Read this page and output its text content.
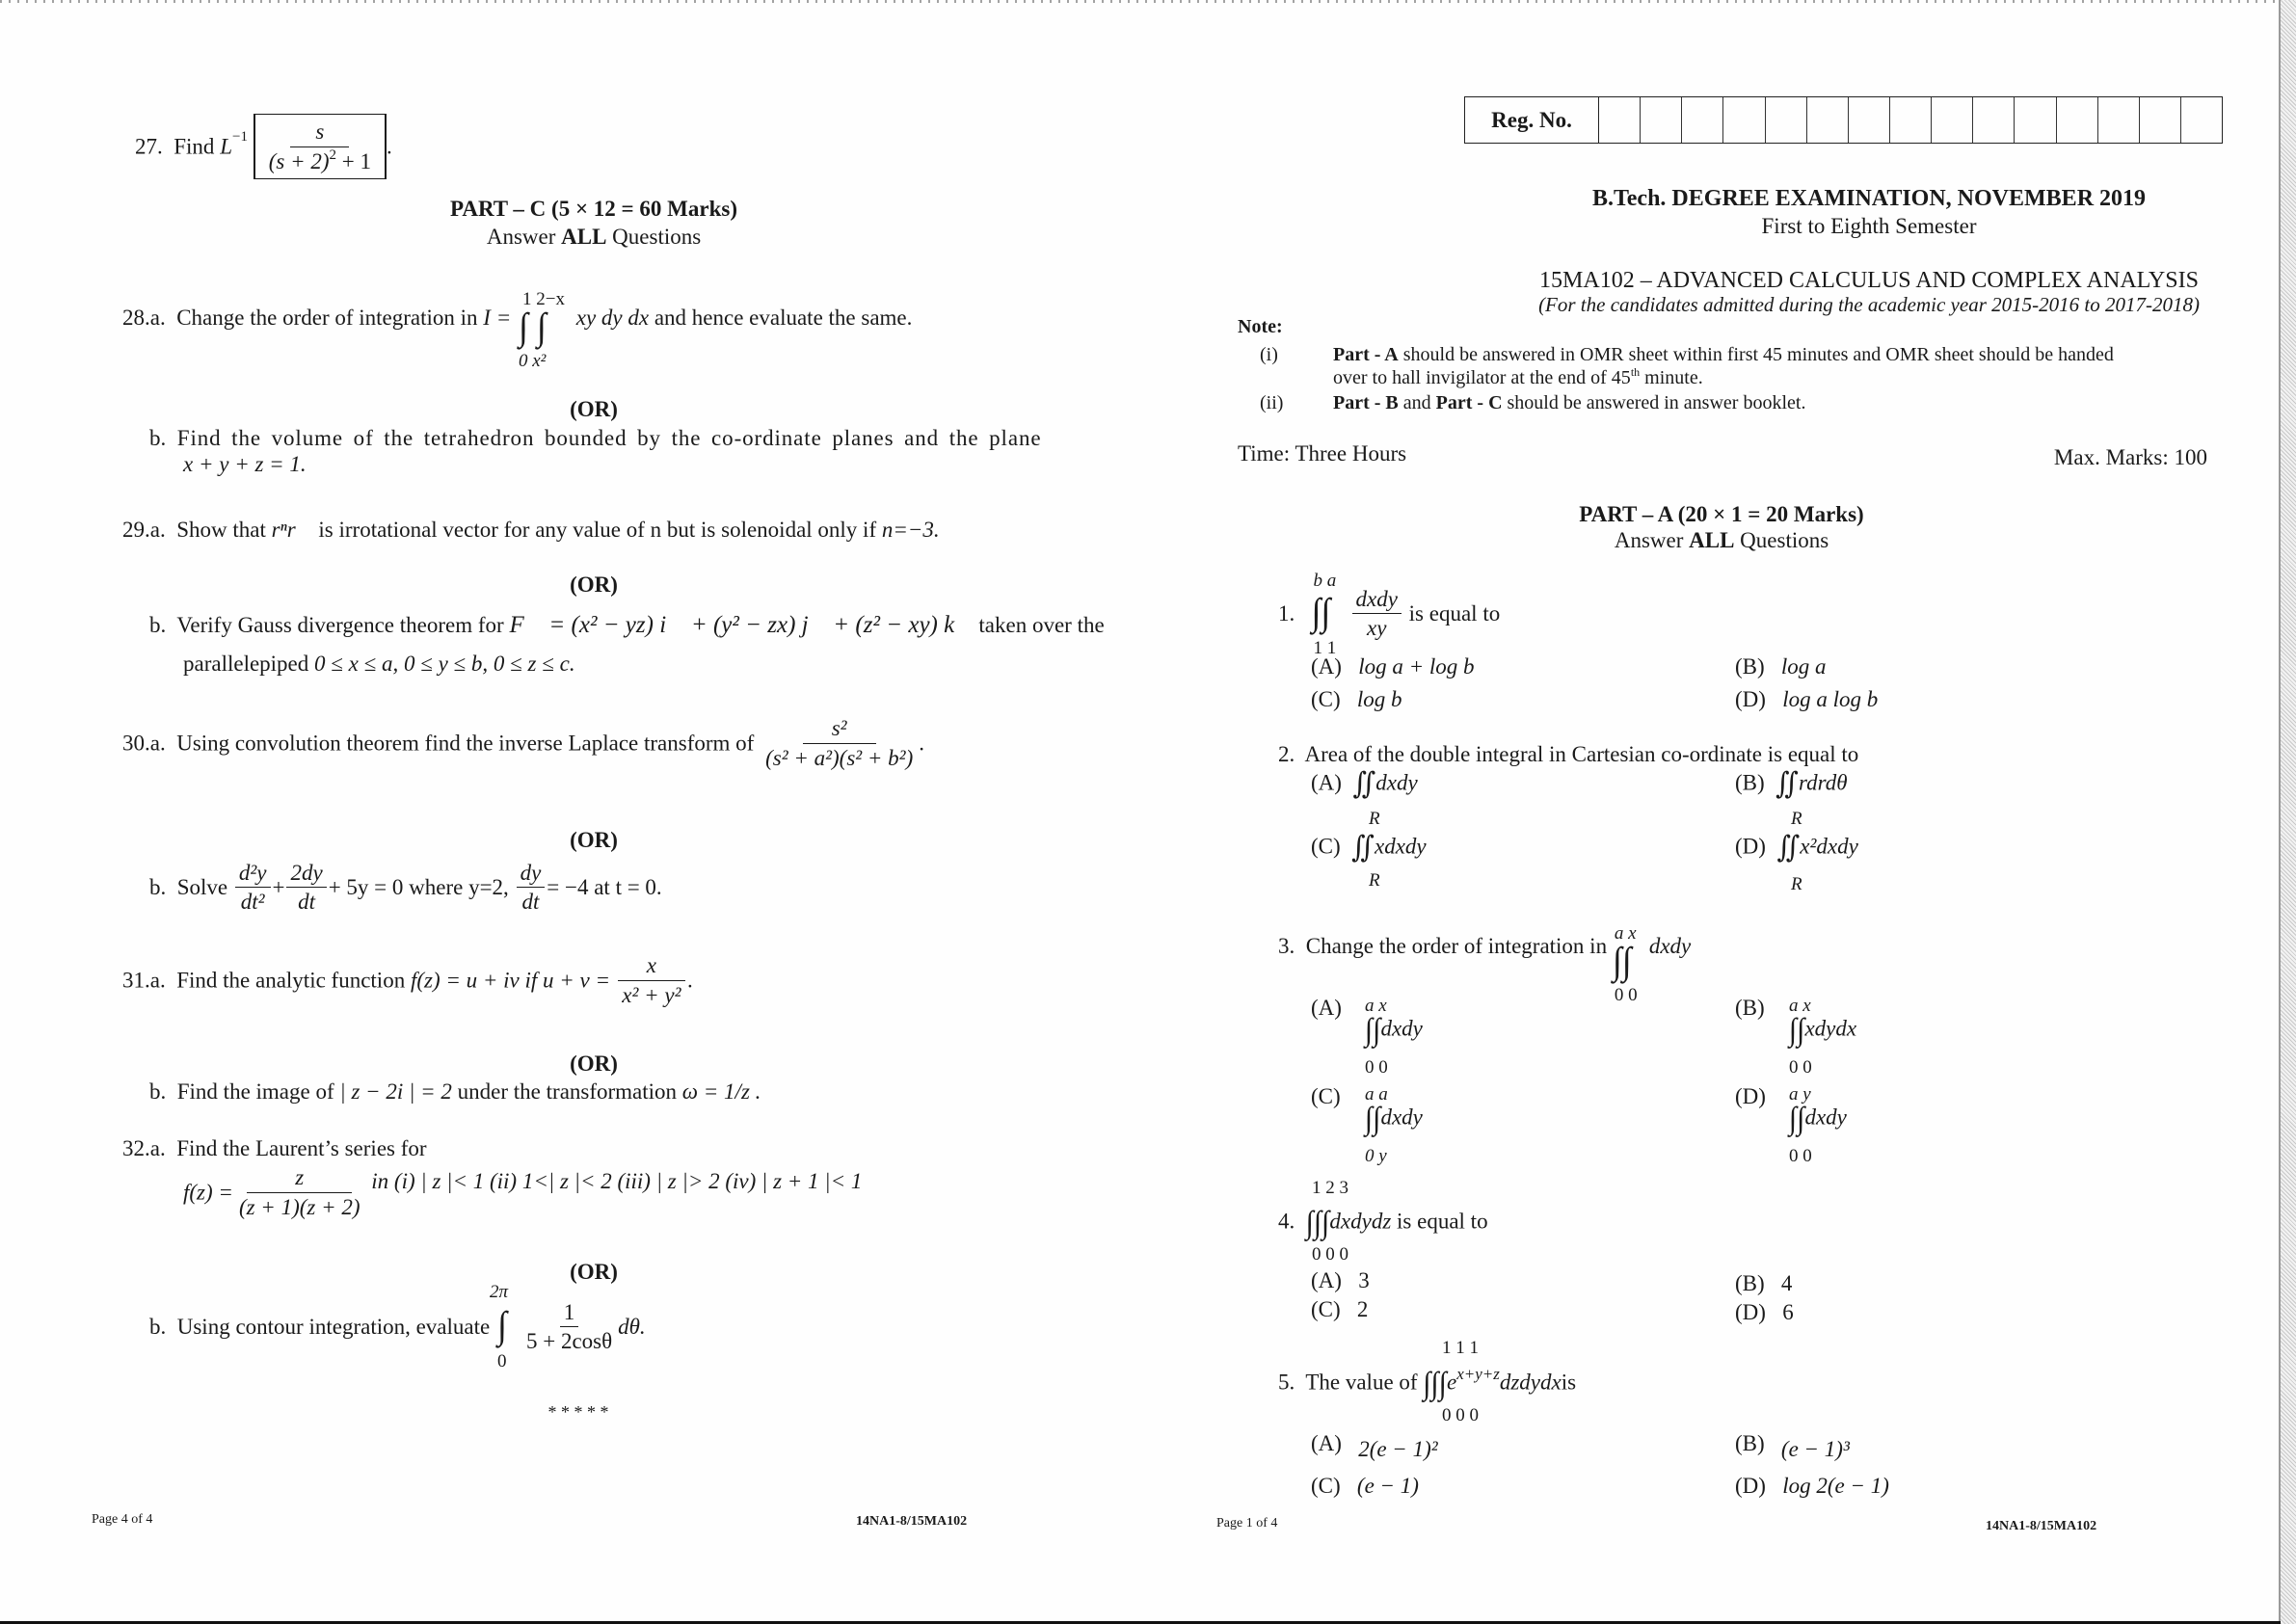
27. Find $L^{-1} \frac{s}{(s + 2)^2 + 1}$ .
PART – C (5 × 12 = 60 Marks)
Answer ALL Questions
28.a. Change the order of integration in I = ∫ ∫
1 2−x
0 x²
xy dy dx and hence evaluate the same.
(OR)
b. Find the volume of the tetrahedron bounded by the co-ordinate planes and the plane
x + y + z = 1.
29.a. Show that rⁿr⃗ is irrotational vector for any value of n but is solenoidal only if n=−3.
(OR)
b. Verify Gauss divergence theorem for F⃗ = (x² − yz) i⃗ + (y² − zx) j⃗ + (z² − xy) k⃗ taken over the
parallelepiped 0 ≤ x ≤ a, 0 ≤ y ≤ b, 0 ≤ z ≤ c.
30.a. Using convolution theorem find the inverse Laplace transform of $\frac{\text{s²}}{\text{(s² + a²)(s² + b²)}}$ .
(OR)
b. Solve $\frac{\text{d²y}}{\text{dt²}} + \frac{2dy}{dt} + 5y = 0$ where y=2, $\frac{dy}{dt} = -4$ at t = 0.
31.a. Find the analytic function f(z) = u + iv if $u + v = \frac{x}{\text{x² + y²}}$ .
(OR)
b. Find the image of | z − 2i | = 2 under the transformation ω = 1/z .
32.a. Find the Laurent’s series for
$f(z) = \frac{z}{(z + 1)(z + 2)}$ in (i) | z |< 1 (ii) 1<| z |< 2 (iii) | z |> 2 (iv) | z + 1 |< 1
(OR)
b. Using contour integration, evaluate ∫
2π
0
$\frac{1}{5 + 2\cos\theta} d\theta$.
* * * * *
Page 4 of 4	14NA1-8/15MA102
Reg. No.
B.Tech. DEGREE EXAMINATION, NOVEMBER 2019
First to Eighth Semester
15MA102 – ADVANCED CALCULUS AND COMPLEX ANALYSIS
(For the candidates admitted during the academic year 2015-2016 to 2017-2018)
Note:
(i)	Part - A should be answered in OMR sheet within first 45 minutes and OMR sheet should be handed
over to hall invigilator at the end of 45th minute.
(ii)	Part - B and Part - C should be answered in answer booklet.
Time: Three Hours	Max. Marks: 100
PART – A (20 × 1 = 20 Marks)
Answer ALL Questions
1. ∫∫
b a
1 1
$\frac{\text{dxdy}}{xy}$ is equal to
(A) log a + log b	(B) log a
(C) log b	(D) log a log b
2. Area of the double integral in Cartesian co-ordinate is equal to
(A) ∬dxdy
R
(B) ∬rdrdθ
R
(C) ∬xdxdy
R
(D) ∬x²dxdy
R
3. Change the order of integration in ∫∫
a x
0 0
dxdy
(A) a x
∫∫dxdy
0 0
(B) a x
∫∫xdydx
0 0
(C) a a
∫∫dxdy
0 y
(D) a y
∫∫dxdy
0 0
1 2 3
4. ∫∫∫dxdydz is equal to
0 0 0
(A) 3	(B) 4
(C) 2	(D) 6
1 1 1
5. The value of $\int\int\int e^{x+y+z}dzdydxis$
0 0 0
(A) 2(e − 1)²	(B) (e − 1)³
(C) (e − 1)	(D) log 2(e − 1)
Page 1 of 4	14NA1-8/15MA102
